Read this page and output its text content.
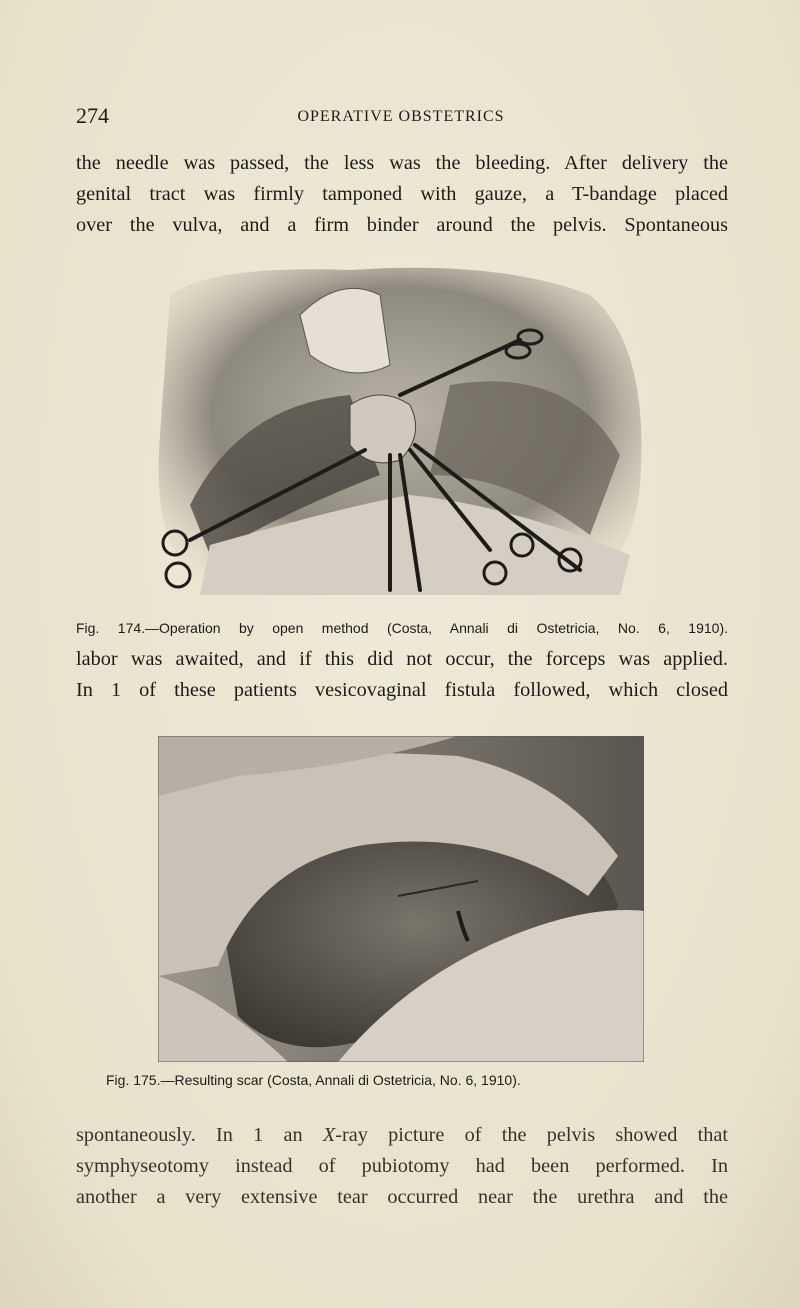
274	OPERATIVE OBSTETRICS
the needle was passed, the less was the bleeding. After delivery the
genital tract was firmly tamponed with gauze, a T-bandage placed
over the vulva, and a firm binder around the pelvis. Spontaneous
Fig. 174.—Operation by open method (Costa, Annali di Ostetricia, No. 6, 1910).
labor was awaited, and if this did not occur, the forceps was applied.
In 1 of these patients vesicovaginal fistula followed, which closed
Fig. 175.—Resulting scar (Costa, Annali di Ostetricia, No. 6, 1910).
spontaneously. In 1 an X-ray picture of the pelvis showed that
symphyseotomy instead of pubiotomy had been performed. In
another a very extensive tear occurred near the urethra and the
